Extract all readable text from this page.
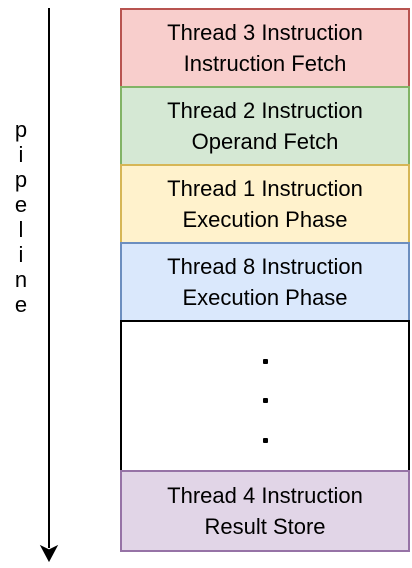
p
i
p
e
l
i
n
e
Thread 3 Instruction
Instruction Fetch
Thread 2 Instruction
Operand Fetch
Thread 1 Instruction
Execution Phase
Thread 8 Instruction
Execution Phase
Thread 4 Instruction
Result Store
